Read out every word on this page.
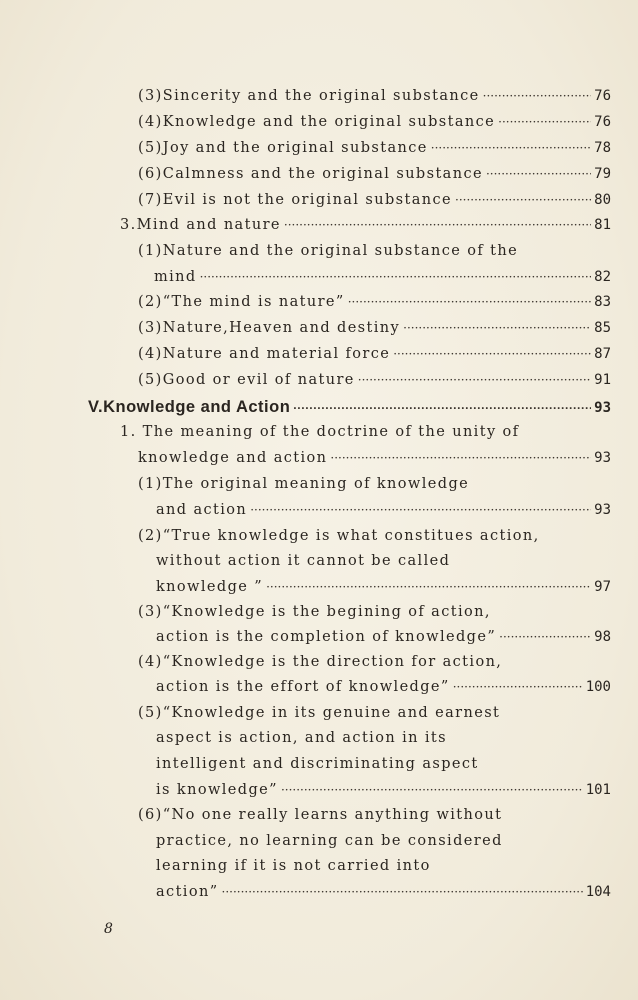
(3)Sincerity and the original substance ·····	76
(4)Knowledge and the original substance ·····	76
(5)Joy and the original substance ·····	78
(6)Calmness and the original substance ·····	79
(7)Evil is not the original substance ·····	80
3.Mind and nature ·····	81
(1)Nature and the original substance of the
mind ·····	82
(2)“The mind is nature” ·····	83
(3)Nature,Heaven and destiny ·····	85
(4)Nature and material force ·····	87
(5)Good or evil of nature ·····	91
V.Knowledge and Action ·····	93
1. The meaning of the doctrine of the unity of
knowledge and action ·····	93
(1)The original meaning of knowledge
and action ·····	93
(2)“True knowledge is what constitues action,
without action it cannot be called
knowledge ” ·····	97
(3)“Knowledge is the begining of action,
action is the completion of knowledge” ·····	98
(4)“Knowledge is the direction for action,
action is the effort of knowledge” ·····	100
(5)“Knowledge in its genuine and earnest
aspect is action, and action in its
intelligent and discriminating aspect
is knowledge” ·····	101
(6)“No one really learns anything without
practice, no learning can be considered
learning if it is not carried into
action” ·····	104
8
